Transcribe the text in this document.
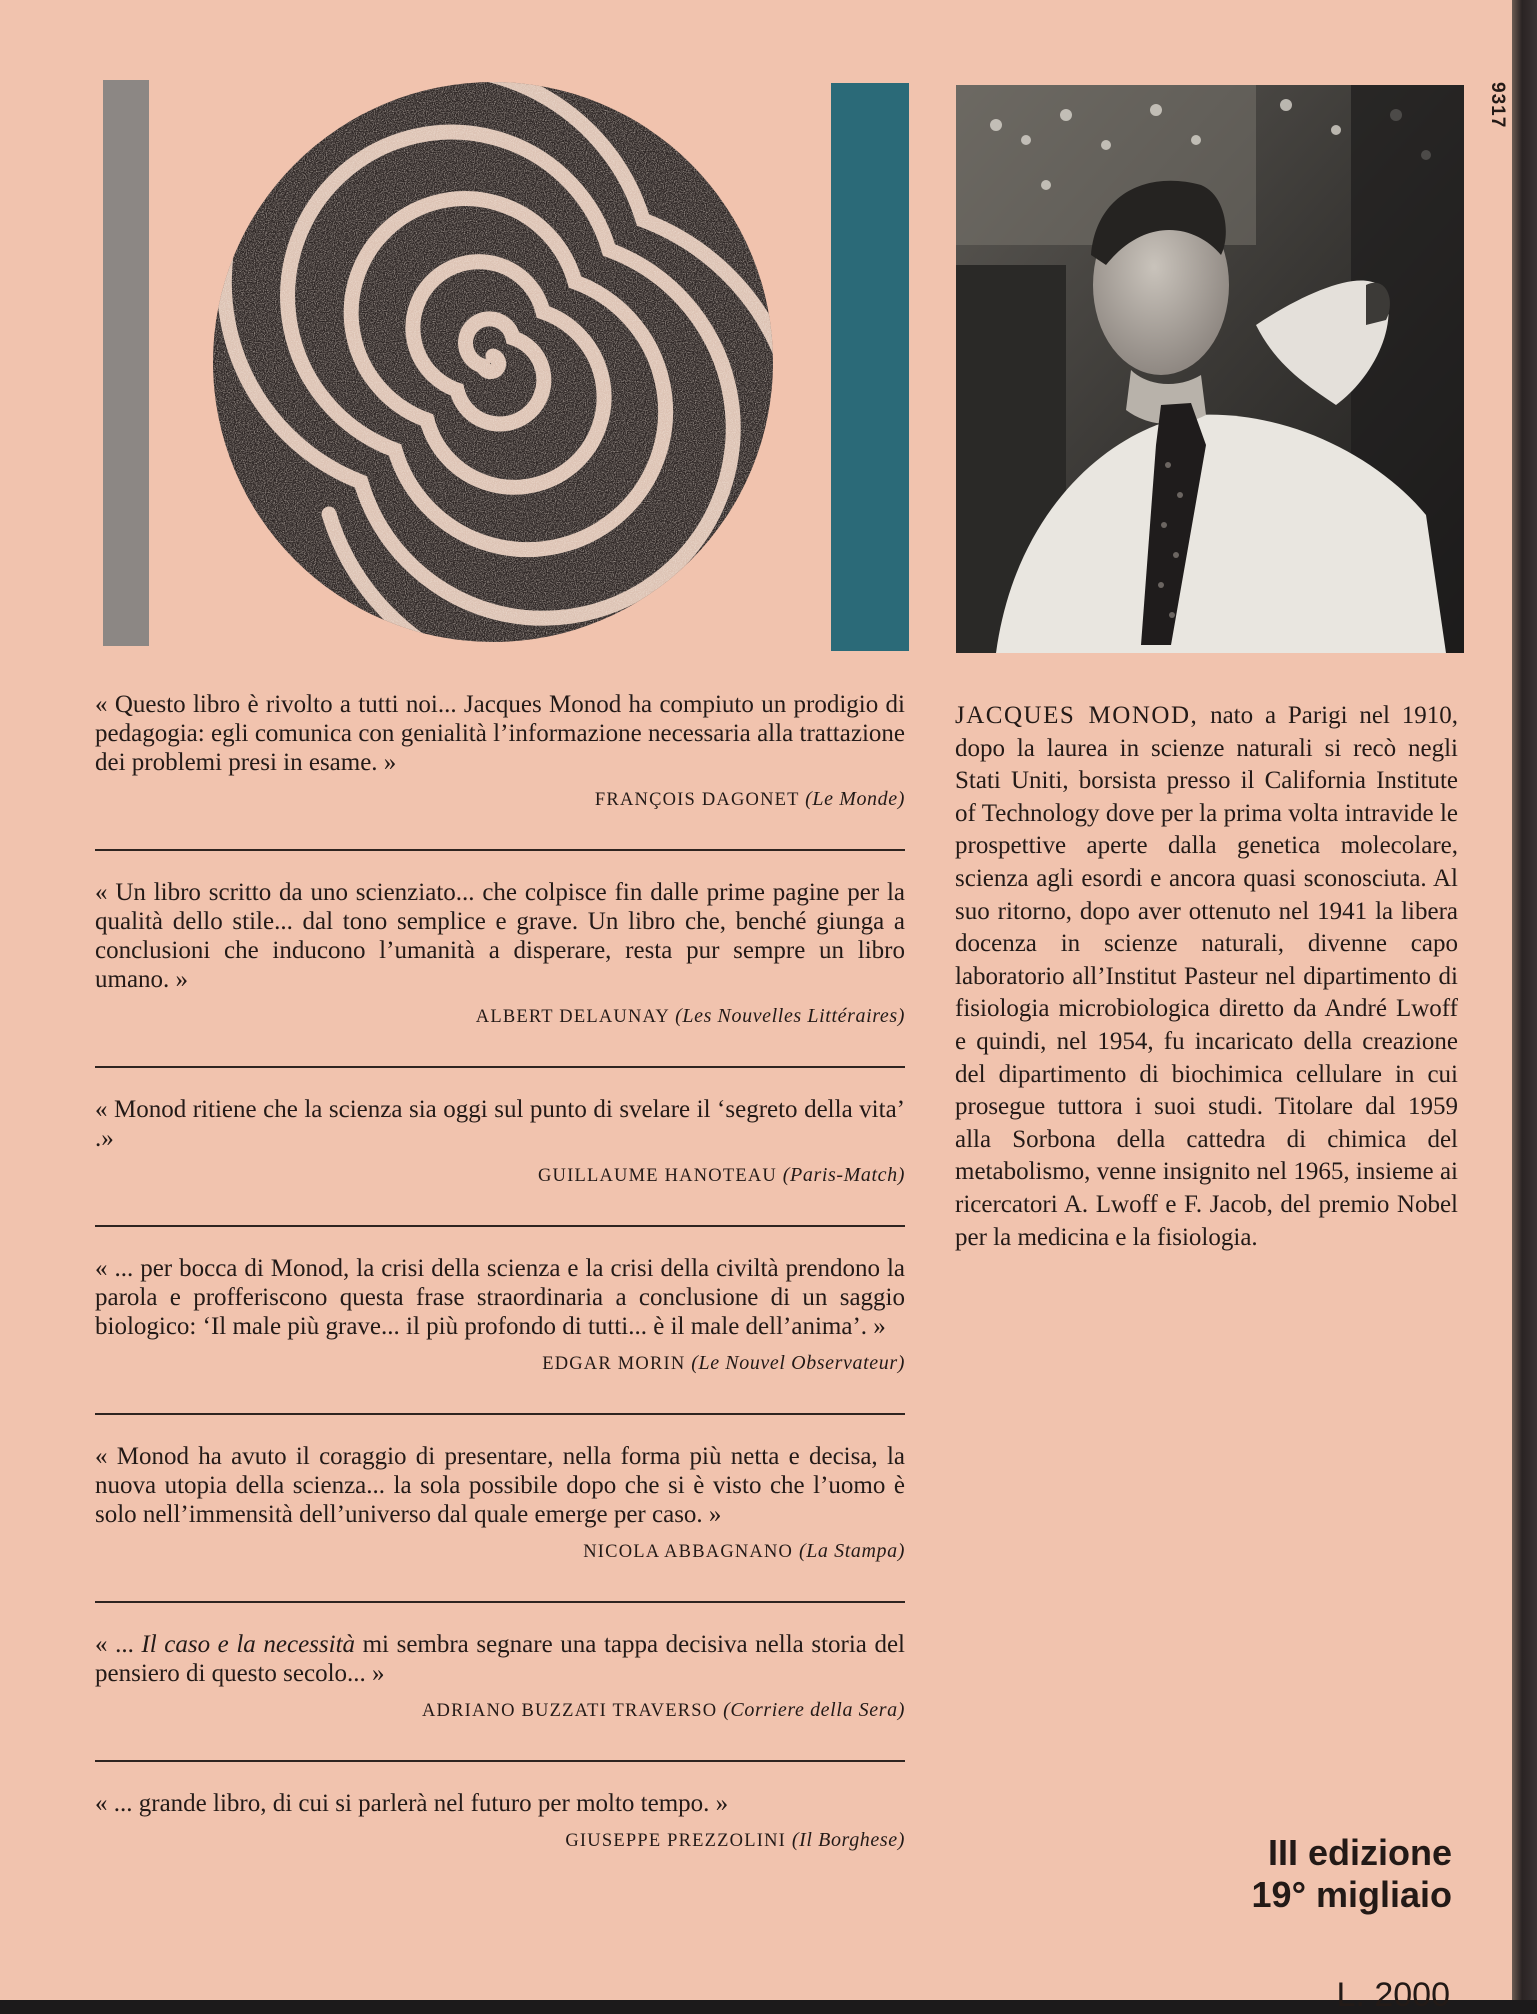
9317

« Questo libro è rivolto a tutti noi... Jacques Monod ha compiuto un prodigio di pedagogia: egli comunica con genialità l’informazione necessaria alla trattazione dei problemi presi in esame. »

FRANÇOIS DAGONET (Le Monde)

« Un libro scritto da uno scienziato... che colpisce fin dalle prime pagine per la qualità dello stile... dal tono semplice e grave. Un libro che, benché giunga a conclusioni che inducono l’umanità a disperare, resta pur sempre un libro umano. »

ALBERT DELAUNAY (Les Nouvelles Littéraires)

« Monod ritiene che la scienza sia oggi sul punto di svelare il ‘segreto della vita’ .»

GUILLAUME HANOTEAU (Paris-Match)

« ... per bocca di Monod, la crisi della scienza e la crisi della civiltà prendono la parola e profferiscono questa frase straordinaria a conclusione di un saggio biologico: ‘Il male più grave... il più profondo di tutti... è il male dell’anima’. »

EDGAR MORIN (Le Nouvel Observateur)

« Monod ha avuto il coraggio di presentare, nella forma più netta e decisa, la nuova utopia della scienza... la sola possibile dopo che si è visto che l’uomo è solo nell’immensità dell’universo dal quale emerge per caso. »

NICOLA ABBAGNANO (La Stampa)

« ... Il caso e la necessità mi sembra segnare una tappa decisiva nella storia del pensiero di questo secolo... »

ADRIANO BUZZATI TRAVERSO (Corriere della Sera)

« ... grande libro, di cui si parlerà nel futuro per molto tempo. »

GIUSEPPE PREZZOLINI (Il Borghese)

JACQUES MONOD, nato a Parigi nel 1910, dopo la laurea in scienze naturali si recò negli Stati Uniti, borsista presso il California Institute of Technology dove per la prima volta intravide le prospettive aperte dalla genetica molecolare, scienza agli esordi e ancora quasi sconosciuta. Al suo ritorno, dopo aver ottenuto nel 1941 la libera docenza in scienze naturali, divenne capo laboratorio all’Institut Pasteur nel dipartimento di fisiologia microbiologica diretto da André Lwoff e quindi, nel 1954, fu incaricato della creazione del dipartimento di biochimica cellulare in cui prosegue tuttora i suoi studi. Titolare dal 1959 alla Sorbona della cattedra di chimica del metabolismo, venne insignito nel 1965, insieme ai ricercatori A. Lwoff e F. Jacob, del premio Nobel per la medicina e la fisiologia.

III edizione
19° migliaio
L. 2000
